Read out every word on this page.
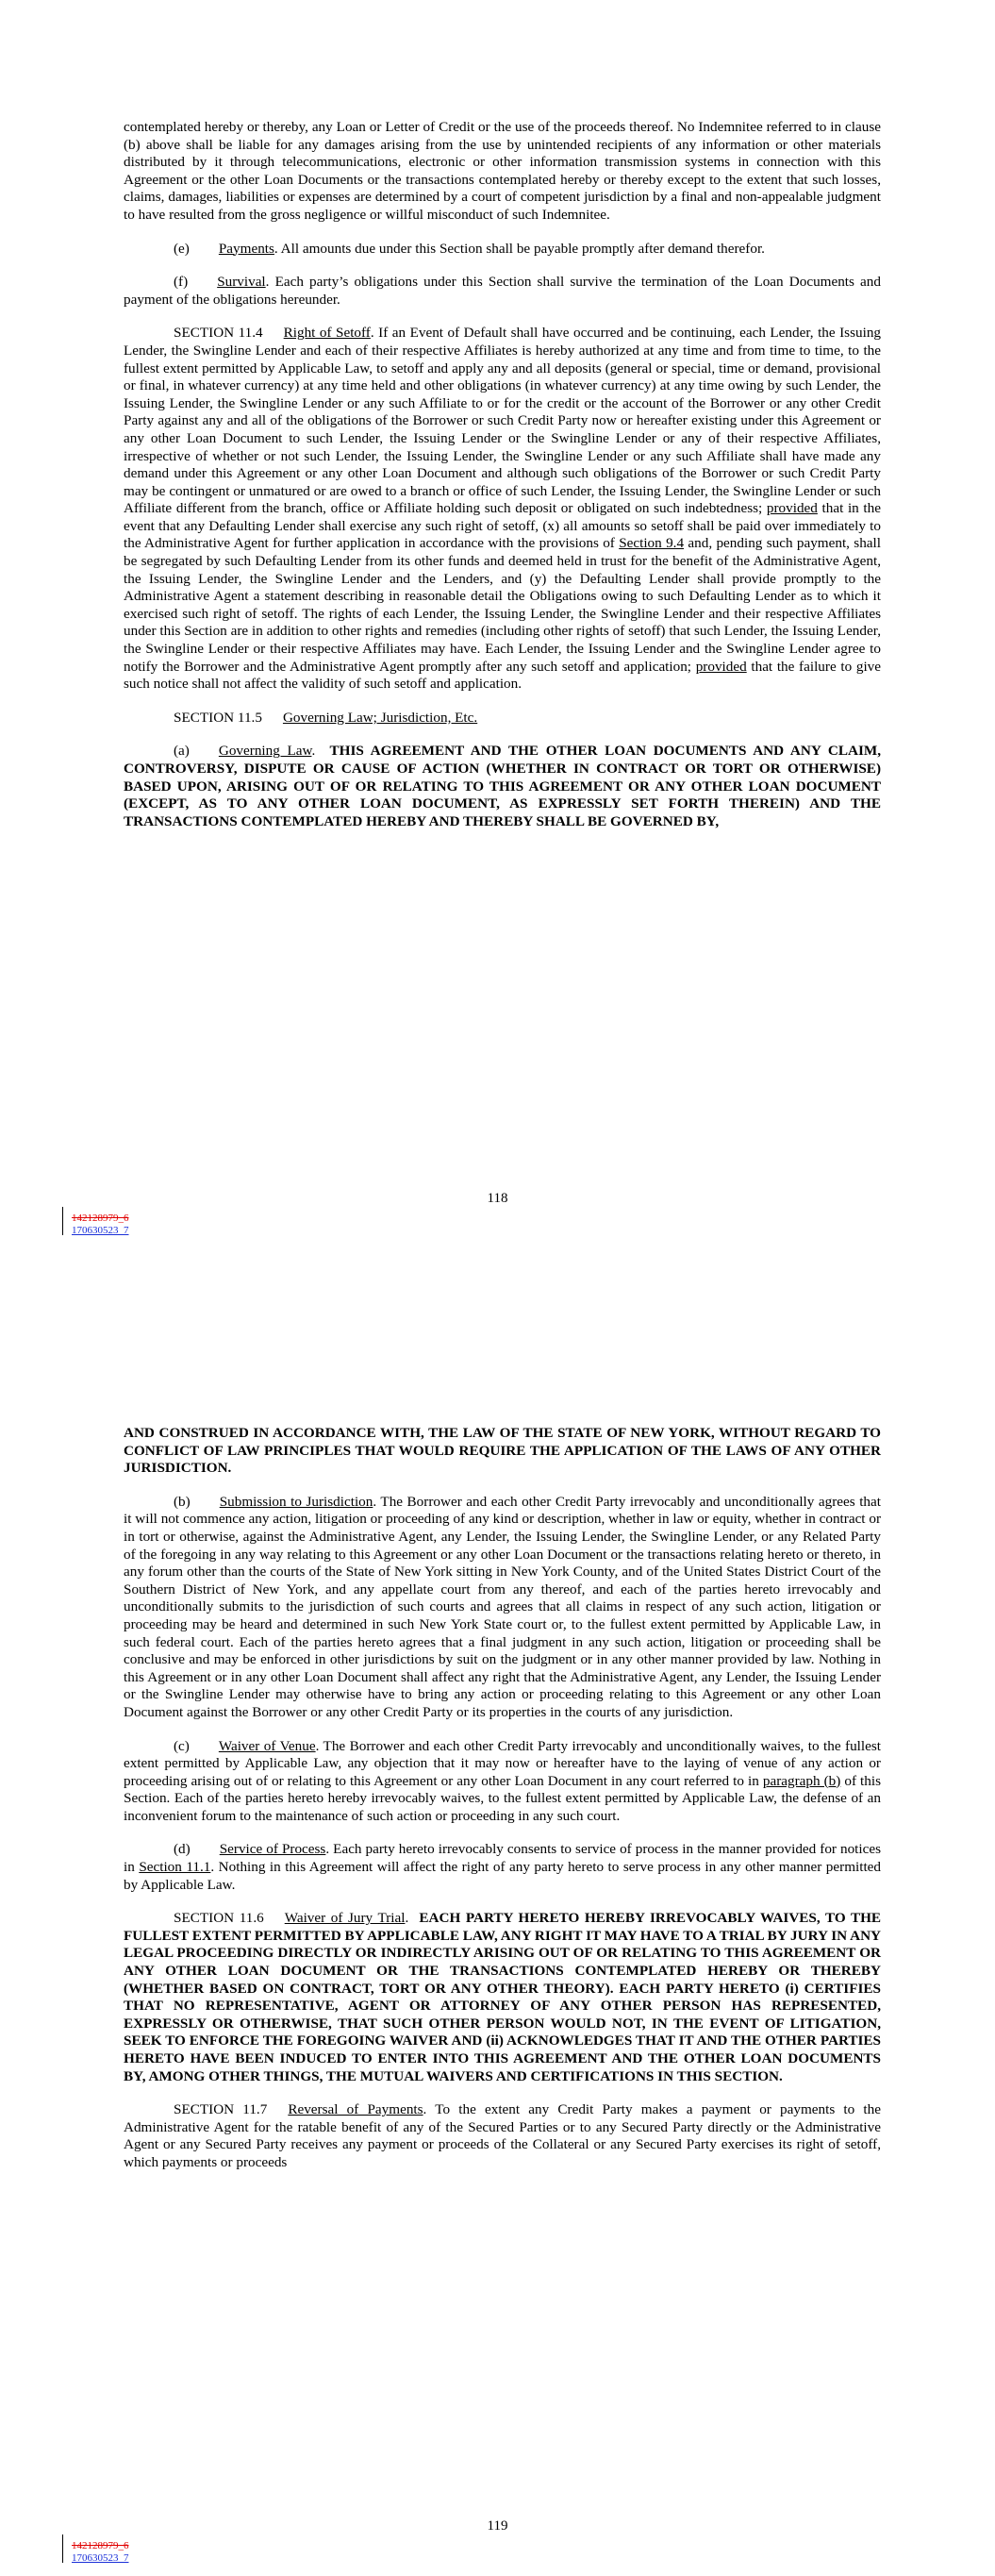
contemplated hereby or thereby, any Loan or Letter of Credit or the use of the proceeds thereof. No Indemnitee referred to in clause (b) above shall be liable for any damages arising from the use by unintended recipients of any information or other materials distributed by it through telecommunications, electronic or other information transmission systems in connection with this Agreement or the other Loan Documents or the transactions contemplated hereby or thereby except to the extent that such losses, claims, damages, liabilities or expenses are determined by a court of competent jurisdiction by a final and non-appealable judgment to have resulted from the gross negligence or willful misconduct of such Indemnitee.

(e) Payments. All amounts due under this Section shall be payable promptly after demand therefor.

(f) Survival. Each party’s obligations under this Section shall survive the termination of the Loan Documents and payment of the obligations hereunder.

SECTION 11.4 Right of Setoff. If an Event of Default shall have occurred and be continuing, each Lender, the Issuing Lender, the Swingline Lender and each of their respective Affiliates is hereby authorized at any time and from time to time, to the fullest extent permitted by Applicable Law, to setoff and apply any and all deposits (general or special, time or demand, provisional or final, in whatever currency) at any time held and other obligations (in whatever currency) at any time owing by such Lender, the Issuing Lender, the Swingline Lender or any such Affiliate to or for the credit or the account of the Borrower or any other Credit Party against any and all of the obligations of the Borrower or such Credit Party now or hereafter existing under this Agreement or any other Loan Document to such Lender, the Issuing Lender or the Swingline Lender or any of their respective Affiliates, irrespective of whether or not such Lender, the Issuing Lender, the Swingline Lender or any such Affiliate shall have made any demand under this Agreement or any other Loan Document and although such obligations of the Borrower or such Credit Party may be contingent or unmatured or are owed to a branch or office of such Lender, the Issuing Lender, the Swingline Lender or such Affiliate different from the branch, office or Affiliate holding such deposit or obligated on such indebtedness; provided that in the event that any Defaulting Lender shall exercise any such right of setoff, (x) all amounts so setoff shall be paid over immediately to the Administrative Agent for further application in accordance with the provisions of Section 9.4 and, pending such payment, shall be segregated by such Defaulting Lender from its other funds and deemed held in trust for the benefit of the Administrative Agent, the Issuing Lender, the Swingline Lender and the Lenders, and (y) the Defaulting Lender shall provide promptly to the Administrative Agent a statement describing in reasonable detail the Obligations owing to such Defaulting Lender as to which it exercised such right of setoff. The rights of each Lender, the Issuing Lender, the Swingline Lender and their respective Affiliates under this Section are in addition to other rights and remedies (including other rights of setoff) that such Lender, the Issuing Lender, the Swingline Lender or their respective Affiliates may have. Each Lender, the Issuing Lender and the Swingline Lender agree to notify the Borrower and the Administrative Agent promptly after any such setoff and application; provided that the failure to give such notice shall not affect the validity of such setoff and application.

SECTION 11.5 Governing Law; Jurisdiction, Etc.

(a) Governing Law.  THIS AGREEMENT AND THE OTHER LOAN DOCUMENTS AND ANY CLAIM, CONTROVERSY, DISPUTE OR CAUSE OF ACTION (WHETHER IN CONTRACT OR TORT OR OTHERWISE) BASED UPON, ARISING OUT OF OR RELATING TO THIS AGREEMENT OR ANY OTHER LOAN DOCUMENT (EXCEPT, AS TO ANY OTHER LOAN DOCUMENT, AS EXPRESSLY SET FORTH THEREIN) AND THE TRANSACTIONS CONTEMPLATED HEREBY AND THEREBY SHALL BE GOVERNED BY,

118
142128979_6
170630523_7

AND CONSTRUED IN ACCORDANCE WITH, THE LAW OF THE STATE OF NEW YORK, WITHOUT REGARD TO CONFLICT OF LAW PRINCIPLES THAT WOULD REQUIRE THE APPLICATION OF THE LAWS OF ANY OTHER JURISDICTION.

(b) Submission to Jurisdiction. The Borrower and each other Credit Party irrevocably and unconditionally agrees that it will not commence any action, litigation or proceeding of any kind or description, whether in law or equity, whether in contract or in tort or otherwise, against the Administrative Agent, any Lender, the Issuing Lender, the Swingline Lender, or any Related Party of the foregoing in any way relating to this Agreement or any other Loan Document or the transactions relating hereto or thereto, in any forum other than the courts of the State of New York sitting in New York County, and of the United States District Court of the Southern District of New York, and any appellate court from any thereof, and each of the parties hereto irrevocably and unconditionally submits to the jurisdiction of such courts and agrees that all claims in respect of any such action, litigation or proceeding may be heard and determined in such New York State court or, to the fullest extent permitted by Applicable Law, in such federal court. Each of the parties hereto agrees that a final judgment in any such action, litigation or proceeding shall be conclusive and may be enforced in other jurisdictions by suit on the judgment or in any other manner provided by law. Nothing in this Agreement or in any other Loan Document shall affect any right that the Administrative Agent, any Lender, the Issuing Lender or the Swingline Lender may otherwise have to bring any action or proceeding relating to this Agreement or any other Loan Document against the Borrower or any other Credit Party or its properties in the courts of any jurisdiction.

(c) Waiver of Venue. The Borrower and each other Credit Party irrevocably and unconditionally waives, to the fullest extent permitted by Applicable Law, any objection that it may now or hereafter have to the laying of venue of any action or proceeding arising out of or relating to this Agreement or any other Loan Document in any court referred to in paragraph (b) of this Section. Each of the parties hereto hereby irrevocably waives, to the fullest extent permitted by Applicable Law, the defense of an inconvenient forum to the maintenance of such action or proceeding in any such court.

(d) Service of Process. Each party hereto irrevocably consents to service of process in the manner provided for notices in Section 11.1. Nothing in this Agreement will affect the right of any party hereto to serve process in any other manner permitted by Applicable Law.

SECTION 11.6 Waiver of Jury Trial.  EACH PARTY HERETO HEREBY IRREVOCABLY WAIVES, TO THE FULLEST EXTENT PERMITTED BY APPLICABLE LAW, ANY RIGHT IT MAY HAVE TO A TRIAL BY JURY IN ANY LEGAL PROCEEDING DIRECTLY OR INDIRECTLY ARISING OUT OF OR RELATING TO THIS AGREEMENT OR ANY OTHER LOAN DOCUMENT OR THE TRANSACTIONS CONTEMPLATED HEREBY OR THEREBY (WHETHER BASED ON CONTRACT, TORT OR ANY OTHER THEORY). EACH PARTY HERETO (i) CERTIFIES THAT NO REPRESENTATIVE, AGENT OR ATTORNEY OF ANY OTHER PERSON HAS REPRESENTED, EXPRESSLY OR OTHERWISE, THAT SUCH OTHER PERSON WOULD NOT, IN THE EVENT OF LITIGATION, SEEK TO ENFORCE THE FOREGOING WAIVER AND (ii) ACKNOWLEDGES THAT IT AND THE OTHER PARTIES HERETO HAVE BEEN INDUCED TO ENTER INTO THIS AGREEMENT AND THE OTHER LOAN DOCUMENTS BY, AMONG OTHER THINGS, THE MUTUAL WAIVERS AND CERTIFICATIONS IN THIS SECTION.

SECTION 11.7 Reversal of Payments. To the extent any Credit Party makes a payment or payments to the Administrative Agent for the ratable benefit of any of the Secured Parties or to any Secured Party directly or the Administrative Agent or any Secured Party receives any payment or proceeds of the Collateral or any Secured Party exercises its right of setoff, which payments or proceeds

119
142128979_6
170630523_7
